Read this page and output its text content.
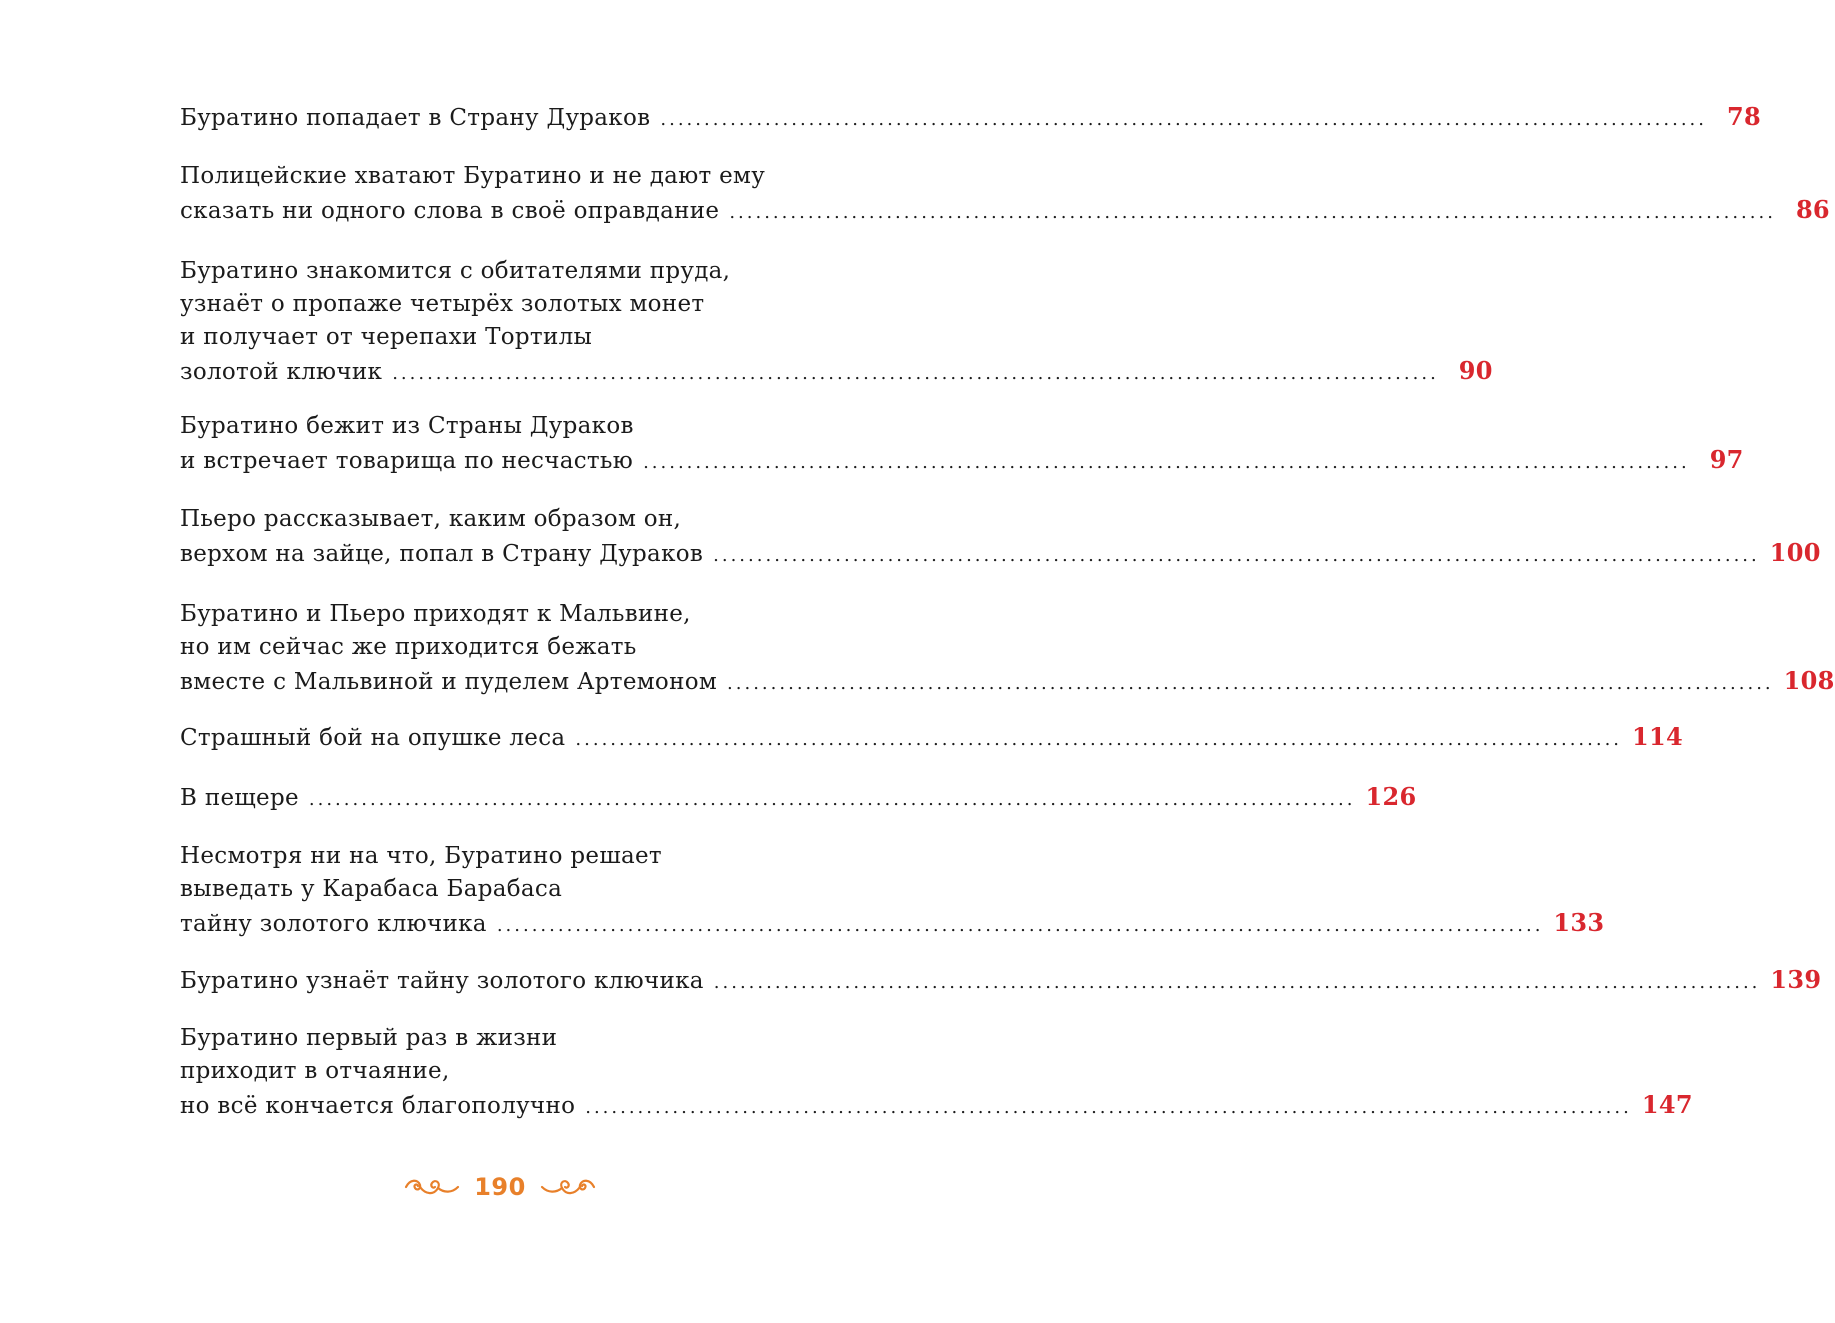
Буратино попадает в Страну Дураков ........................................................................................................................ 78
Полицейские хватают Буратино и не дают ему
сказать ни одного слова в своё оправдание ........................................................................................................................ 86
Буратино знакомится с обитателями пруда,
узнаёт о пропаже четырёх золотых монет
и получает от черепахи Тортилы
золотой ключик ........................................................................................................................ 90
Буратино бежит из Страны Дураков
и встречает товарища по несчастью ........................................................................................................................ 97
Пьеро рассказывает, каким образом он,
верхом на зайце, попал в Страну Дураков ........................................................................................................................ 100
Буратино и Пьеро приходят к Мальвине,
но им сейчас же приходится бежать
вместе с Мальвиной и пуделем Артемоном ........................................................................................................................ 108
Страшный бой на опушке леса ........................................................................................................................ 114
В пещере ........................................................................................................................ 126
Несмотря ни на что, Буратино решает
выведать у Карабаса Барабаса
тайну золотого ключика ........................................................................................................................ 133
Буратино узнаёт тайну золотого ключика ........................................................................................................................ 139
Буратино первый раз в жизни
приходит в отчаяние,
но всё кончается благополучно ........................................................................................................................ 147
190
